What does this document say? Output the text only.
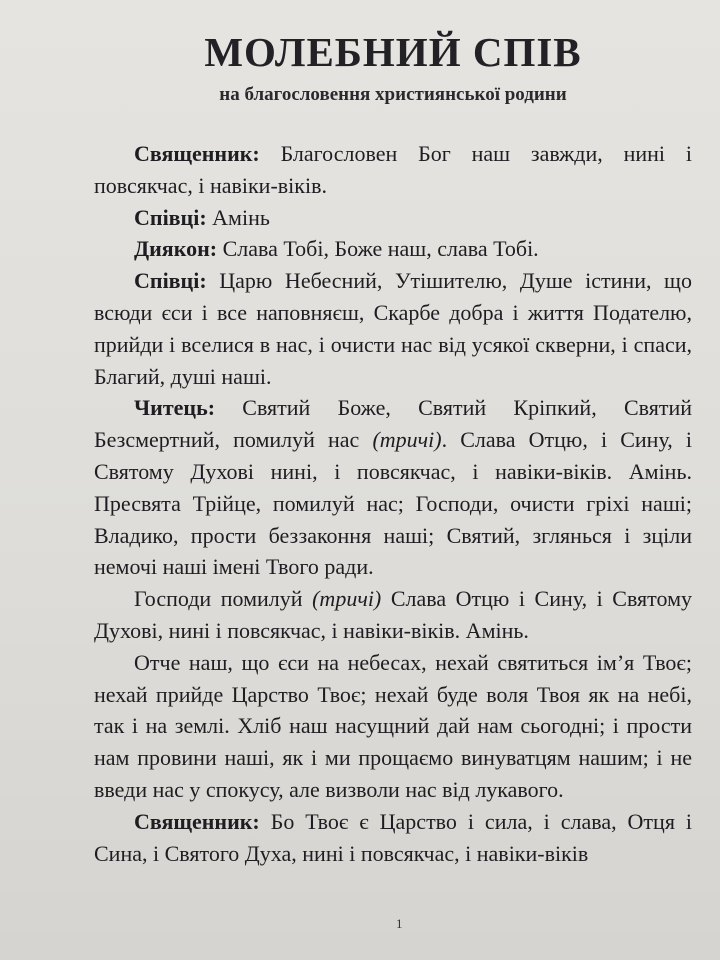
МОЛЕБНИЙ СПІВ
на благословення християнської родини

Священник: Благословен Бог наш завжди, нині і повсякчас, і навіки-віків.

Співці: Амінь

Диякон: Слава Тобі, Боже наш, слава Тобі.

Співці: Царю Небесний, Утішителю, Душе істини, що всюди єси і все наповняєш, Скарбе добра і життя Подателю, прийди і вселися в нас, і очисти нас від усякої скверни, і спаси, Благий, душі наші.

Читець: Святий Боже, Святий Кріпкий, Святий Безсмертний, помилуй нас (тричі). Слава Отцю, і Сину, і Святому Духові нині, і повсякчас, і навіки-віків. Амінь. Пресвята Трійце, помилуй нас; Господи, очисти гріхі наші; Владико, прости беззаконня наші; Святий, зглянься і зціли немочі наші імені Твого ради.

Господи помилуй (тричі) Слава Отцю і Сину, і Святому Духові, нині і повсякчас, і навіки-віків. Амінь.

Отче наш, що єси на небесах, нехай святиться ім’я Твоє; нехай прийде Царство Твоє; нехай буде воля Твоя як на небі, так і на землі. Хліб наш насущний дай нам сьогодні; і прости нам провини наші, як і ми прощаємо винуватцям нашим; і не введи нас у спокусу, але визволи нас від лукавого.

Священник: Бо Твоє є Царство і сила, і слава, Отця і Сина, і Святого Духа, нині і повсякчас, і навіки-віків

1
